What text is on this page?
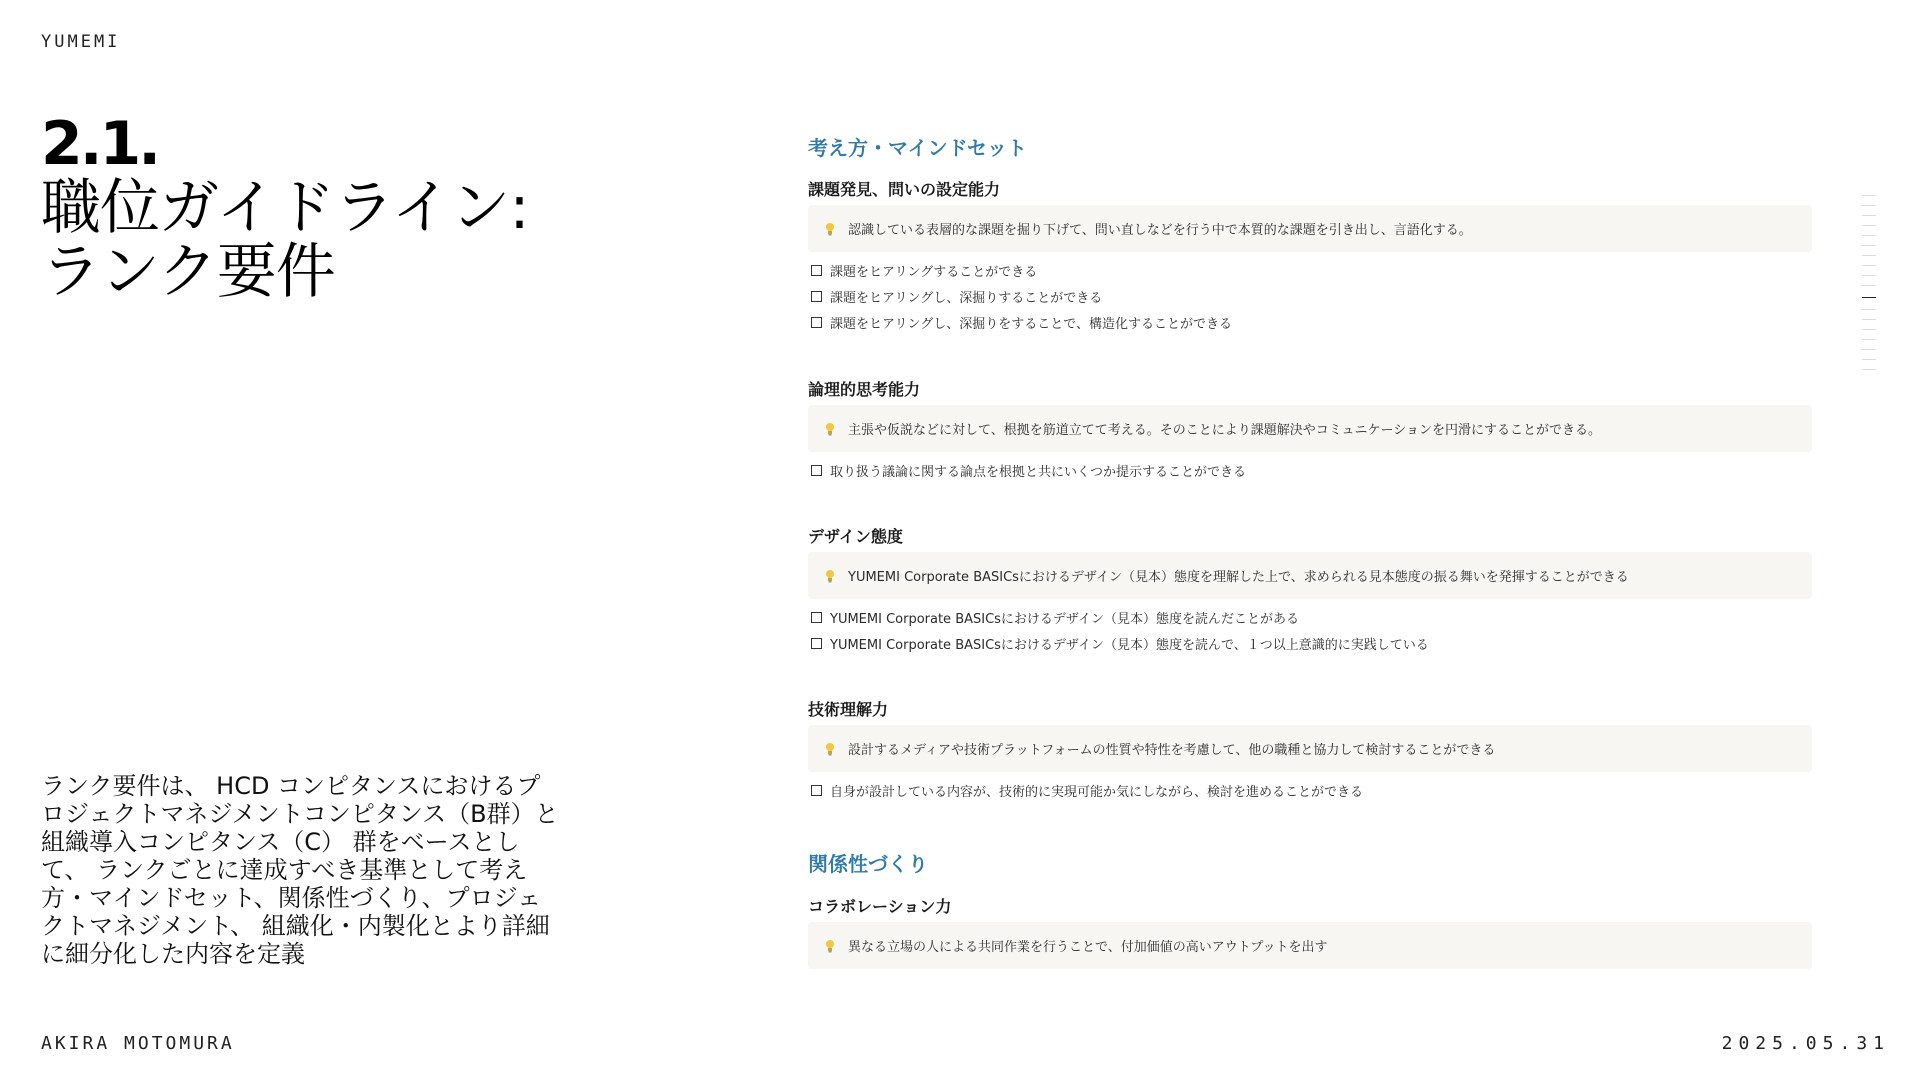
YUMEMI
2.1.
職位ガイドライン:
ランク要件
ランク要件は、 HCD コンピタンスにおけるプロジェクトマネジメントコンピタンス（B群）と組織導入コンピタンス（C） 群をベースとして、 ランクごとに達成すべき基準として考え方・マインドセット、関係性づくり、プロジェクトマネジメント、 組織化・内製化とより詳細に細分化した内容を定義
AKIRA MOTOMURA	2025.05.31
考え方・マインドセット
課題発見、問いの設定能力
認識している表層的な課題を掘り下げて、問い直しなどを行う中で本質的な課題を引き出し、言語化する。
課題をヒアリングすることができる
課題をヒアリングし、深掘りすることができる
課題をヒアリングし、深掘りをすることで、構造化することができる
論理的思考能力
主張や仮説などに対して、根拠を筋道立てて考える。そのことにより課題解決やコミュニケーションを円滑にすることができる。
取り扱う議論に関する論点を根拠と共にいくつか提示することができる
デザイン態度
YUMEMI Corporate BASICsにおけるデザイン（見本）態度を理解した上で、求められる見本態度の振る舞いを発揮することができる
YUMEMI Corporate BASICsにおけるデザイン（見本）態度を読んだことがある
YUMEMI Corporate BASICsにおけるデザイン（見本）態度を読んで、１つ以上意識的に実践している
技術理解力
設計するメディアや技術プラットフォームの性質や特性を考慮して、他の職種と協力して検討することができる
自身が設計している内容が、技術的に実現可能か気にしながら、検討を進めることができる
関係性づくり
コラボレーション力
異なる立場の人による共同作業を行うことで、付加価値の高いアウトプットを出す
